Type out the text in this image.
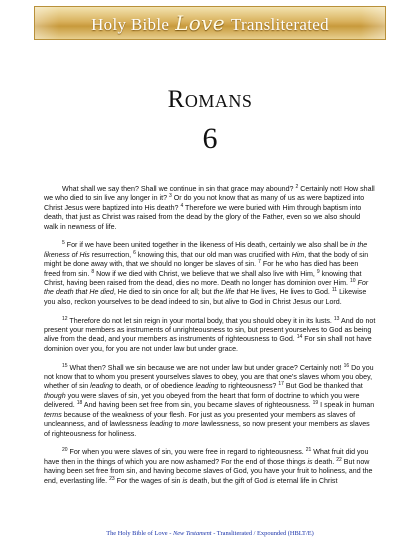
Holy Bible Love Transliterated
Romans
6

What shall we say then? Shall we continue in sin that grace may abound? $^2$ Certainly not! How shall we who died to sin live any longer in it? $^3$ Or do you not know that as many of us as were baptized into Christ Jesus were baptized into His death? $^4$ Therefore we were buried with Him through baptism into death, that just as Christ was raised from the dead by the glory of the Father, even so we also should walk in newness of life.

$^5$ For if we have been united together in the likeness of His death, certainly we also shall be in the likeness of His resurrection, $^6$ knowing this, that our old man was crucified with Him, that the body of sin might be done away with, that we should no longer be slaves of sin. $^7$ For he who has died has been freed from sin. $^8$ Now if we died with Christ, we believe that we shall also live with Him, $^9$ knowing that Christ, having been raised from the dead, dies no more. Death no longer has dominion over Him. $^{10}$ For the death that He died, He died to sin once for all; but the life that He lives, He lives to God. $^{11}$ Likewise you also, reckon yourselves to be dead indeed to sin, but alive to God in Christ Jesus our Lord.

$^{12}$ Therefore do not let sin reign in your mortal body, that you should obey it in its lusts. $^{13}$ And do not present your members as instruments of unrighteousness to sin, but present yourselves to God as being alive from the dead, and your members as instruments of righteousness to God. $^{14}$ For sin shall not have dominion over you, for you are not under law but under grace.

$^{15}$ What then? Shall we sin because we are not under law but under grace? Certainly not! $^{16}$ Do you not know that to whom you present yourselves slaves to obey, you are that one’s slaves whom you obey, whether of sin leading to death, or of obedience leading to righteousness? $^{17}$ But God be thanked that though you were slaves of sin, yet you obeyed from the heart that form of doctrine to which you were delivered. $^{18}$ And having been set free from sin, you became slaves of righteousness. $^{19}$ I speak in human terms because of the weakness of your flesh. For just as you presented your members as slaves of uncleanness, and of lawlessness leading to more lawlessness, so now present your members as slaves of righteousness for holiness.

$^{20}$ For when you were slaves of sin, you were free in regard to righteousness. $^{21}$ What fruit did you have then in the things of which you are now ashamed? For the end of those things is death. $^{22}$ But now having been set free from sin, and having become slaves of God, you have your fruit to holiness, and the end, everlasting life. $^{23}$ For the wages of sin is death, but the gift of God is eternal life in Christ

The Holy Bible of Love - New Testament - Transliterated / Expounded (HBLT/E)
